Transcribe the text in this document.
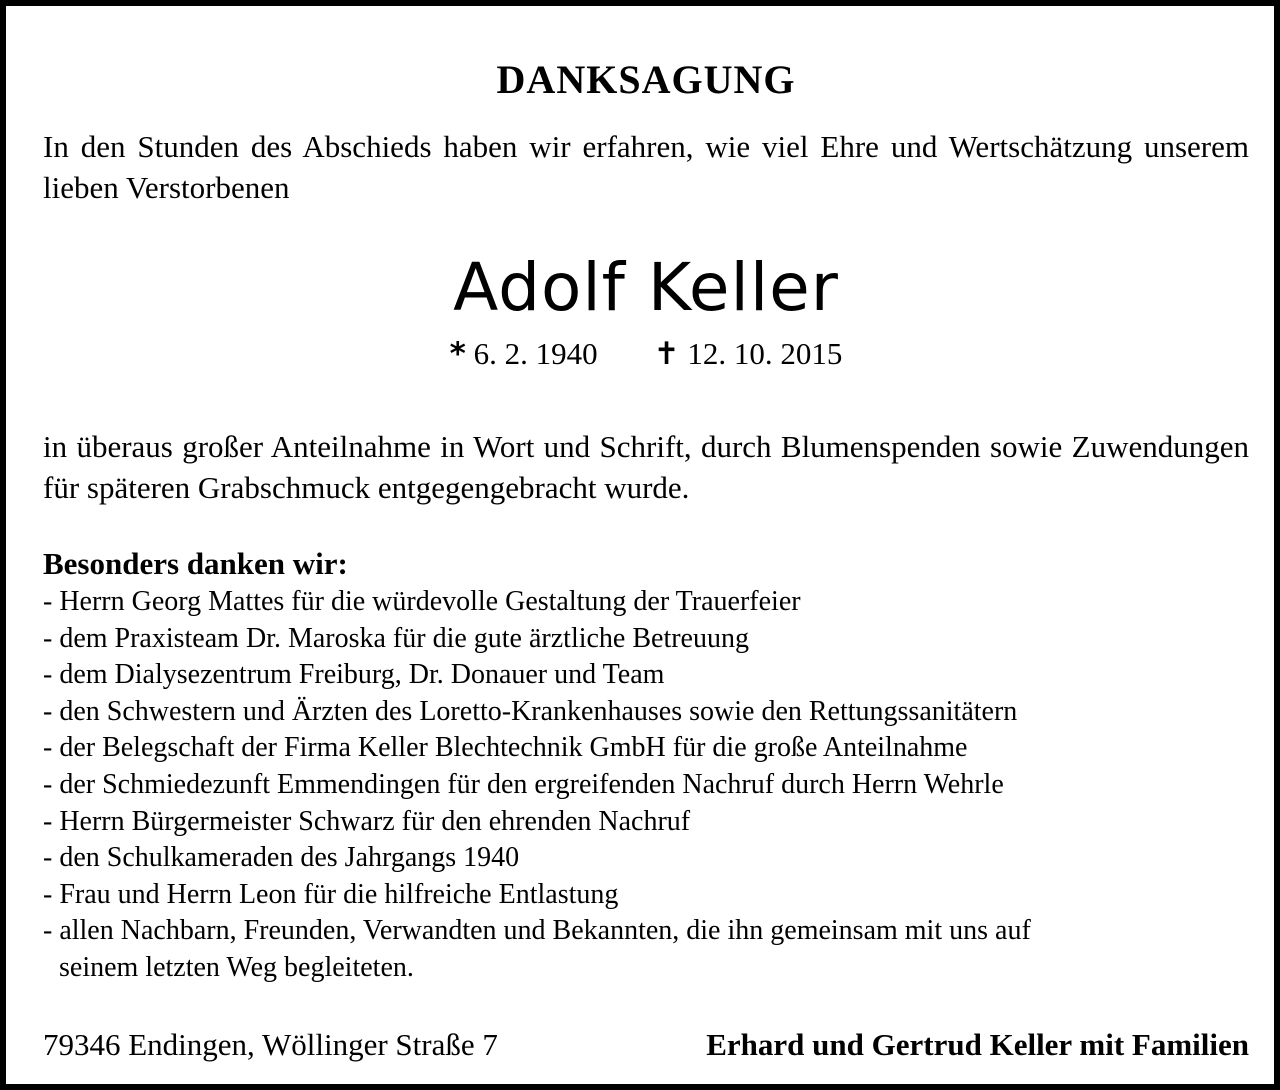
DANKSAGUNG
In den Stunden des Abschieds haben wir erfahren, wie viel Ehre und Wertschätzung unserem lieben Verstorbenen
Adolf Keller
* 6. 2. 1940 ✝ 12. 10. 2015
in überaus großer Anteilnahme in Wort und Schrift, durch Blumenspenden sowie Zuwendungen für späteren Grabschmuck entgegengebracht wurde.
Besonders danken wir:
- Herrn Georg Mattes für die würdevolle Gestaltung der Trauerfeier
- dem Praxisteam Dr. Maroska für die gute ärztliche Betreuung
- dem Dialysezentrum Freiburg, Dr. Donauer und Team
- den Schwestern und Ärzten des Loretto-Krankenhauses sowie den Rettungssanitätern
- der Belegschaft der Firma Keller Blechtechnik GmbH für die große Anteilnahme
- der Schmiedezunft Emmendingen für den ergreifenden Nachruf durch Herrn Wehrle
- Herrn Bürgermeister Schwarz für den ehrenden Nachruf
- den Schulkameraden des Jahrgangs 1940
- Frau und Herrn Leon für die hilfreiche Entlastung
- allen Nachbarn, Freunden, Verwandten und Bekannten, die ihn gemeinsam mit uns auf
seinem letzten Weg begleiteten.
79346 Endingen, Wöllinger Straße 7	Erhard und Gertrud Keller mit Familien
